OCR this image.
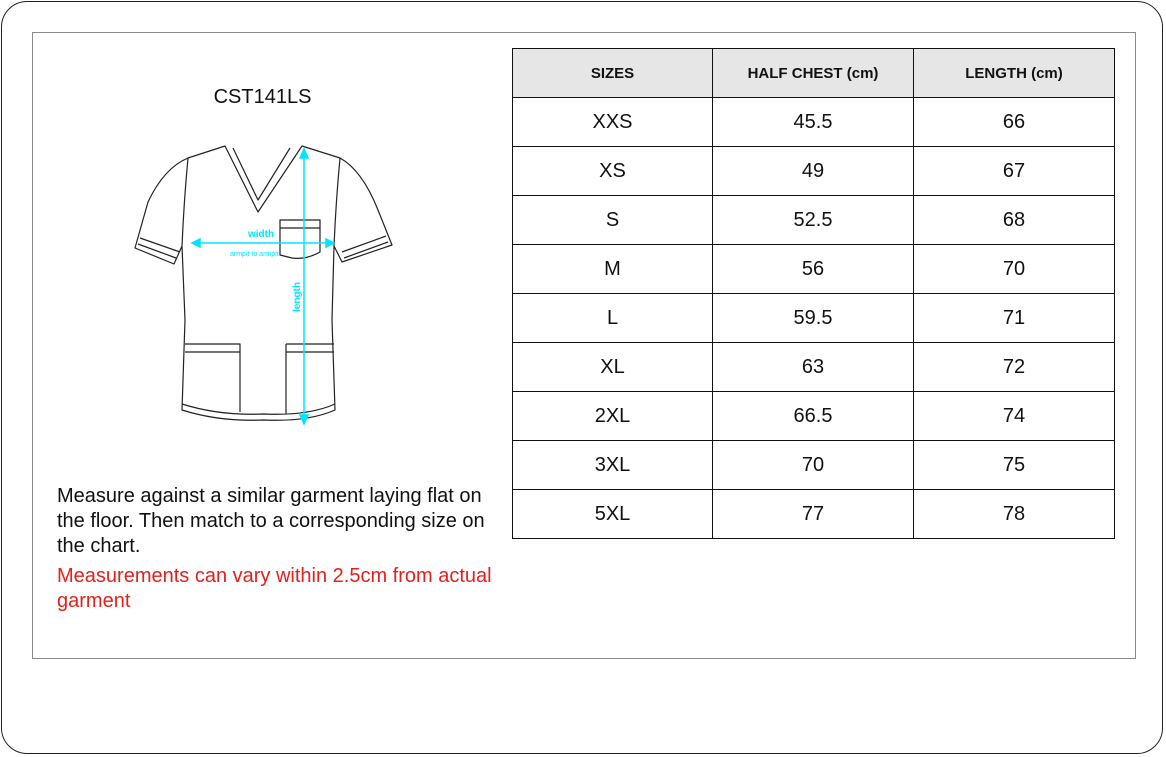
CST141LS
width
armpit to armpit
length
Measure against a similar garment laying flat on the floor. Then match to a corresponding size on the chart.
Measurements can vary within 2.5cm from actual garment
SIZES	HALF CHEST (cm)	LENGTH (cm)
XXS	45.5	66
XS	49	67
S	52.5	68
M	56	70
L	59.5	71
XL	63	72
2XL	66.5	74
3XL	70	75
5XL	77	78
